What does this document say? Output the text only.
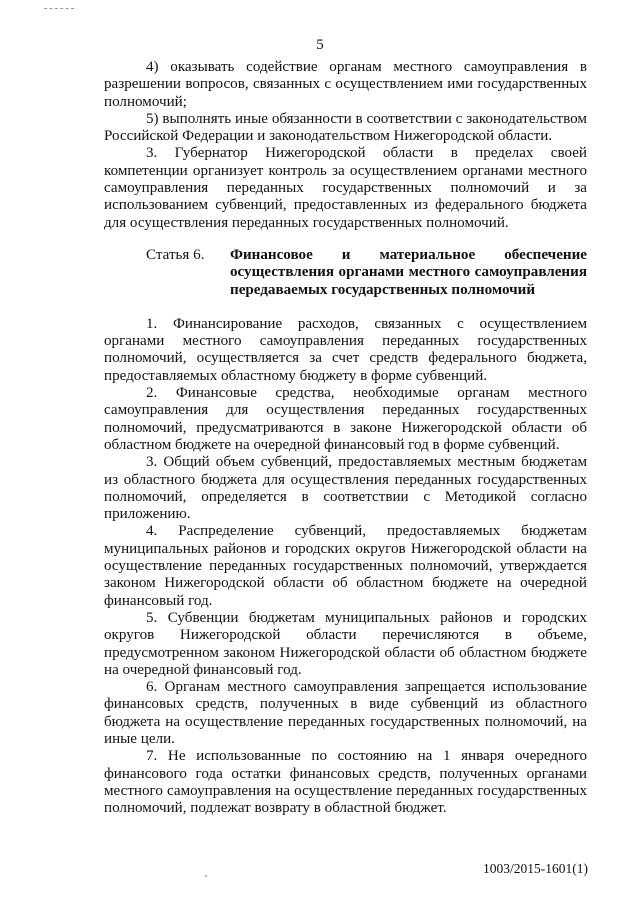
5

4) оказывать содействие органам местного самоуправления в разрешении вопросов, связанных с осуществлением ими государственных полномочий;

5) выполнять иные обязанности в соответствии с законодательством Российской Федерации и законодательством Нижегородской области.

3. Губернатор Нижегородской области в пределах своей компетенции организует контроль за осуществлением органами местного самоуправления переданных государственных полномочий и за использованием субвенций, предоставленных из федерального бюджета для осуществления переданных государственных полномочий.

Статья 6.	Финансовое и материальное обеспечение осуществления органами местного самоуправления передаваемых государственных полномочий

1. Финансирование расходов, связанных с осуществлением органами местного самоуправления переданных государственных полномочий, осуществляется за счет средств федерального бюджета, предоставляемых областному бюджету в форме субвенций.

2. Финансовые средства, необходимые органам местного самоуправления для осуществления переданных государственных полномочий, предусматриваются в законе Нижегородской области об областном бюджете на очередной финансовый год в форме субвенций.

3. Общий объем субвенций, предоставляемых местным бюджетам из областного бюджета для осуществления переданных государственных полномочий, определяется в соответствии с Методикой согласно приложению.

4. Распределение субвенций, предоставляемых бюджетам муниципальных районов и городских округов Нижегородской области на осуществление переданных государственных полномочий, утверждается законом Нижегородской области об областном бюджете на очередной финансовый год.

5. Субвенции бюджетам муниципальных районов и городских округов Нижегородской области перечисляются в объеме, предусмотренном законом Нижегородской области об областном бюджете на очередной финансовый год.

6. Органам местного самоуправления запрещается использование финансовых средств, полученных в виде субвенций из областного бюджета на осуществление переданных государственных полномочий, на иные цели.

7. Не использованные по состоянию на 1 января очередного финансового года остатки финансовых средств, полученных органами местного самоуправления на осуществление переданных государственных полномочий, подлежат возврату в областной бюджет.

1003/2015-1601(1)
